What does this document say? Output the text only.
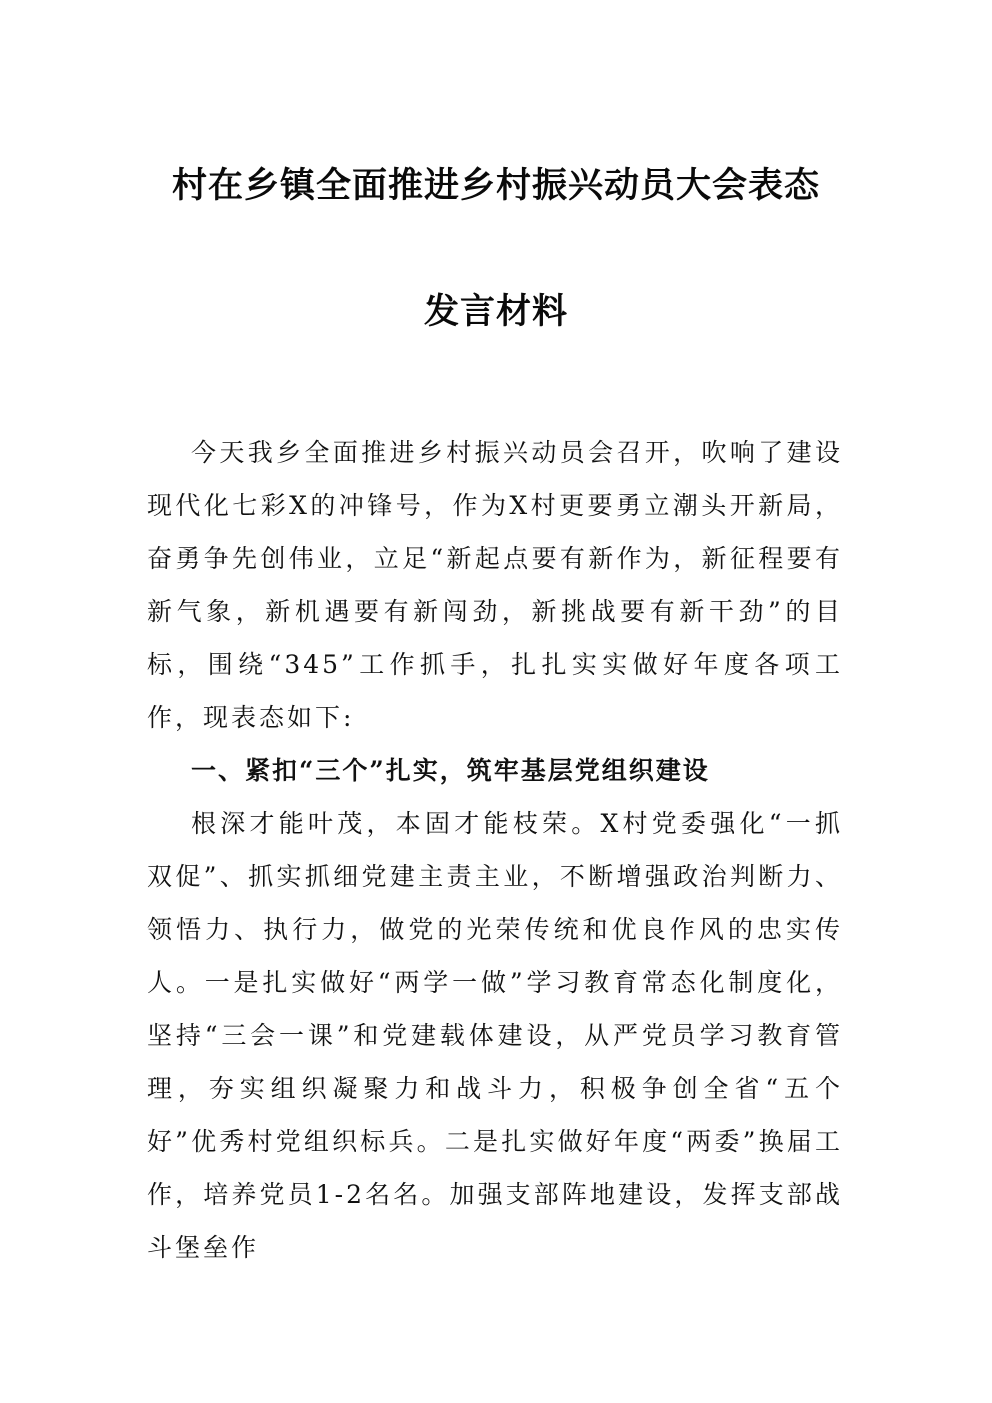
村在乡镇全面推进乡村振兴动员大会表态
发言材料

今天我乡全面推进乡村振兴动员会召开，吹响了建设现代化七彩X的冲锋号，作为X村更要勇立潮头开新局，奋勇争先创伟业，立足“新起点要有新作为，新征程要有新气象，新机遇要有新闯劲，新挑战要有新干劲”的目标，围绕“345”工作抓手，扎扎实实做好年度各项工作，现表态如下:

一、紧扣“三个”扎实，筑牢基层党组织建设

根深才能叶茂，本固才能枝荣。X村党委强化“一抓双促”、抓实抓细党建主责主业，不断增强政治判断力、领悟力、执行力，做党的光荣传统和优良作风的忠实传人。一是扎实做好“两学一做”学习教育常态化制度化，坚持“三会一课”和党建载体建设，从严党员学习教育管理，夯实组织凝聚力和战斗力，积极争创全省“五个好”优秀村党组织标兵。二是扎实做好年度“两委”换届工作，培养党员1-2名名。加强支部阵地建设，发挥支部战斗堡垒作
